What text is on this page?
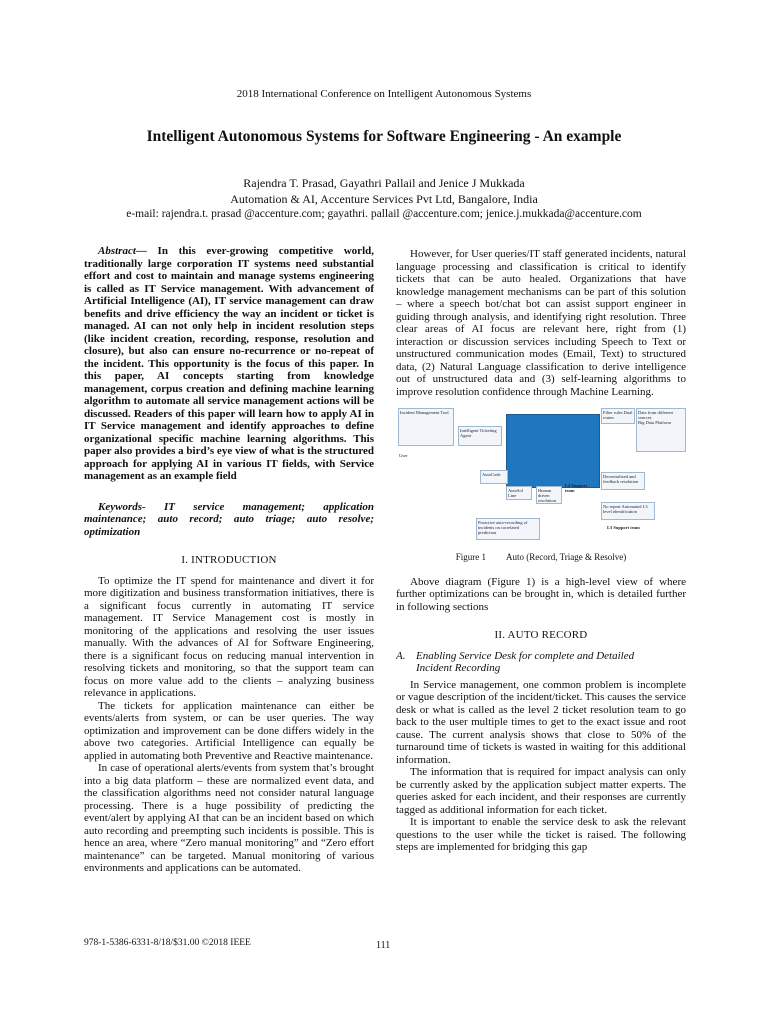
2018 International Conference on Intelligent Autonomous Systems
Intelligent Autonomous Systems for Software Engineering - An example
Rajendra T. Prasad, Gayathri Pallail and Jenice J Mukkada
Automation & AI, Accenture Services Pvt Ltd, Bangalore, India
e-mail: rajendra.t. prasad @accenture.com; gayathri. pallail @accenture.com; jenice.j.mukkada@accenture.com

Abstract— In this ever-growing competitive world, traditionally large corporation IT systems need substantial effort and cost to maintain and manage systems engineering is called as IT Service management. With advancement of Artificial Intelligence (AI), IT service management can draw benefits and drive efficiency the way an incident or ticket is managed. AI can not only help in incident resolution steps (like incident creation, recording, response, resolution and closure), but also can ensure no-recurrence or no-repeat of the incident. This opportunity is the focus of this paper. In this paper, AI concepts starting from knowledge management, corpus creation and defining machine learning algorithm to automate all service management actions will be discussed. Readers of this paper will learn how to apply AI in IT Service management and identify approaches to define organizational specific machine learning algorithms. This paper also provides a bird’s eye view of what is the structured approach for applying AI in various IT fields, with Service management as an example field

Keywords- IT service management; application maintenance; auto record; auto triage; auto resolve; optimization

I. INTRODUCTION

To optimize the IT spend for maintenance and divert it for more digitization and business transformation initiatives, there is a significant focus currently in automating IT service management. IT Service Management cost is mostly in monitoring of the applications and resolving the user issues manually. With the advances of AI for Software Engineering, there is a significant focus on reducing manual intervention in resolving tickets and monitoring, so that the support team can focus on more value add to the clients – analyzing business relevance in applications.

The tickets for application maintenance can either be events/alerts from system, or can be user queries. The way optimization and improvement can be done differs widely in the above two categories. Artificial Intelligence can equally be applied in automating both Preventive and Reactive maintenance.

In case of operational alerts/events from system that’s brought into a big data platform – these are normalized event data, and the classification algorithms need not consider natural language processing. There is a huge possibility of predicting the event/alert by applying AI that can be an incident based on which auto recording and preempting such incidents is possible. This is hence an area, where “Zero manual monitoring” and “Zero effort maintenance” can be targeted. Manual monitoring of various environments and applications can be automated.

However, for User queries/IT staff generated incidents, natural language processing and classification is critical to identify tickets that can be auto healed. Organizations that have knowledge management mechanisms can be part of this solution – where a speech bot/chat bot can assist support engineer in guiding through analysis, and identifying right resolution. Three clear areas of AI focus are relevant here, right from (1) interaction or discussion services including Speech to Text or unstructured communication modes (Email, Text) to structured data, (2) Natural Language classification to derive intelligence out of unstructured data and (3) self-learning algorithms to improve resolution confidence through Machine Learning.

Incident Management Tool
Intelligent Ticketing Agent
Filter rules Dual routes
Data from different sources
Big Data Platform
User
AutoCode
AutoSol Line
Human driven resolution
L2 Support team
Decentralized and feedback resolution
No repeat Automated L3 level identification
Proactive auto-recording of incidents on correlated prediction
L3 Support team
Figure 1 Auto (Record, Triage & Resolve)

Above diagram (Figure 1) is a high-level view of where further optimizations can be brought in, which is detailed further in following sections

II. AUTO RECORD
A. Enabling Service Desk for complete and Detailed
Incident Recording

In Service management, one common problem is incomplete or vague description of the incident/ticket. This causes the service desk or what is called as the level 2 ticket resolution team to go back to the user multiple times to get to the exact issue and root cause. The current analysis shows that close to 50% of the turnaround time of tickets is wasted in waiting for this additional information.

The information that is required for impact analysis can only be currently asked by the application subject matter experts. The queries asked for each incident, and their responses are currently tagged as additional information for each ticket.

It is important to enable the service desk to ask the relevant questions to the user while the ticket is raised. The following steps are implemented for bridging this gap

978-1-5386-6331-8/18/$31.00 ©2018 IEEE	111
